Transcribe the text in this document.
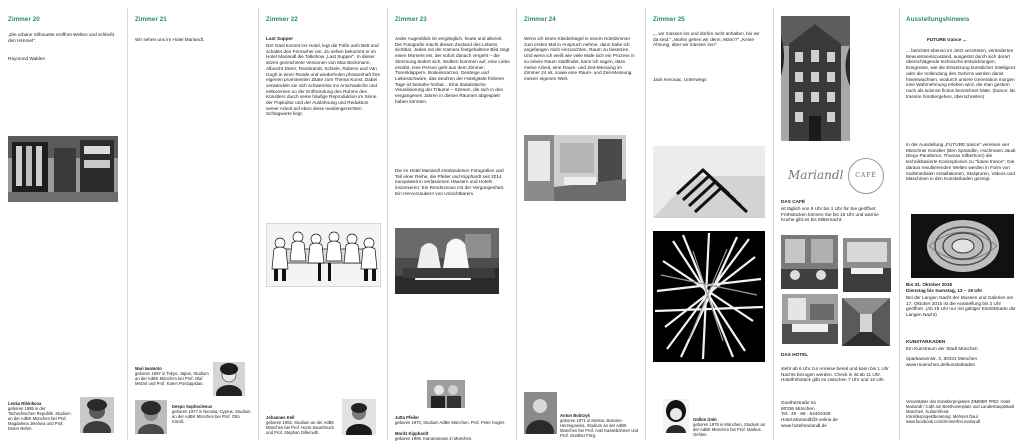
Zimmer 20
„Die urbane Silhouette eröffnet Welten und schließt den Himmel".
Raymond Walden

Lenka Ribinkova
geboren 1985 in der Tschechischen Republik. Studium an der AdBK München bei Prof. Magdalena Jetelova und Prof. Dieter Rehm.

Zimmer 21
Wir sehen uns im Hotel Mariandl.

Mari Iwamoto
geboren 1987 in Tokyo, Japan, Studium an der AdBK München bei Prof. Olaf Metzel und Prof. Karen Pontoppidan.

Despo Sophocleous
geboren 1977 in Nicosia, Cyprus, Studium an der AdBK München bei Prof. Otto Künzli.

Zimmer 22
Last Supper
Der Gast kommt ins Hotel, legt die Füße aufs Bett und schaltet den Fernseher ein. Zu sehen bekommt er im Hotel Mariandl die Talkshow „Last Supper". In dieser sitzen gezeichnete Versionen von Max Beckmann, Albrecht Dürer, Rembrandt, Schiele, Rubens und Van Gogh in einer Runde und wiederholen phrasenhaft ihre eigenen prominenten Zitate zum Thema Kunst. Dabei verwandeln sie sich schwerelos ins Anschauliche und entkommen so der Entfremdung des Ruhms des Künstlers durch seine häufige Reproduktion im Sinne der Popkultur und der Auslöhnung und Reduktion seiner Arbeit auf eben diese mediengerechten Schlagworte liegt.

Johannes Kell
geboren 1982, Studium an der AdBK München bei Prof. Horst Sauerbruch und Prof. Stephan Dillemuth.

Zimmer 23
Jeder Augenblick ist vergänglich, heute und allezeit. Die Fotografie macht diesen Zustand des Lebens sichtbar. Jedes mit der Kamera festgehaltene Bild zeigt einen Moment ein, der sofort danach vergeht – die Stimmung ändert sich, Wolken kommen auf, eine Liebe erstirbt, eine Person geht aus dem Zimmer, Türenklappern, Bodenknarzen, Gesänge und Liebesschwüre, das Seufzen der Hotelgäste früherer Tage ist beinahe hörbar... Eine dadaistische Visualisierung der Träume – Szenen, die sich in den vergangenen Jahren in diesen Räumen abgespielt haben könnten.
Die im Hotel Mariandl entstandenen Fotografien und Teil einer Reihe, die Pfeiler und Kipphardt seit 2014 europaweit in verlassenen Häusern und Hotels inszenieren: Ein Rendezvous mit der Vergangenheit. Ein Hervorzaubern von Unsichtbarem.

Jutta Pfeiler
geboren 1970, Studium AdBK München, Prof. Peter Kogler.

Moritz Kipphardt
geboren 1969, Kameramann in München.

Zimmer 24
Wenn ich einen Kleiderbügel in einem Hotelzimmer zum ersten Mal in Anspruch nehme, dann habe ich angefangen mich einzurichten, Raum zu besetzen. Und wenn ich weiß wie viele Male sich ein Prozess in so einem Raum stattfindet, kann ich sagen, dass meine Arbeit, eine Raum- und Zeit-Messung im Zimmer 24 ist, sowie eine Raum- und Zeit-Messung meiner eigenen Welt.

Anton Bobrzyk
geboren 1971 in Mostar, Bosnien-Herzegowina, Studium an der AdBK München bei Prof. Axel Kasseböhmer und Prof. Günther Förg.

Zimmer 25
„...wir müssen los und dürfen nicht anhalten, bis wir da sind." „Wohin gehen wir denn, Mann?" „Keine Ahnung, aber wir müssen los!"
Jack Kerouac, Unterwegs

Gülbin Ünlü
geboren 1978 in München, Studium an der AdBK München bei Prof. Markus Oehlen.

Mariandl	CAFÉ
DAS CAFÉ
ist täglich von 9 Uhr bis 1 Uhr für Sie geöffnet. Frühstücken können Sie bis 16 Uhr und warme Küche gibt es bis Mitternacht.
DAS HOTEL
steht ab 6 Uhr zur Anreise bereit und kann bis 1 Uhr Nachts bezogen werden. Check in ist ab 11 Uhr. Hotelfrühstück gibt es zwischen 7 Uhr und 10 Uhr.
Goethestraße 51
80336 München
Tel.: 49 · 89 · 54404348
Hotel.Mariandl@t-online.de
www.hotelmariandl.de
Ausstellungshinweis
FUTURE trance ...
... berichtet ebenso im Jetzt verorteten, veränderten Bewusstseinszustand, ausgelöst durch sich derart überschlagende technische Entwicklungen, Ereignisse, wie die Einsetzung künstlicher Intelligenz oder die Vollendung des Gehirns werden damit hineinwachsen, wodurch unsere Generation morgen eine Wahrnehmung erleben wird, die man gestern noch als science fiction bezeichnet hätte. (trance: lat. transire hinübergehen, überschreiten)
In der Ausstellung „FUTURE trance" vereinen vier Münchner Künstler (Ben Sprandlin, Hochmann Jaudi, Diego Paraltonor, Thomas Silberhorn) die technikbasierte Konzeptionen zu "future trance". Die daraus resultierenden Welten werden in Form von multimedialen Installationen, Skulpturen, Videos und Maschinen in den Kunstarkaden gezeigt.
Bis 31. Oktober 2015
Dienstag bis Samstag, 13 – 19 Uhr
Bei der Langen Nacht der Museen und Galerien am 17. Oktober 2015 ist die Ausstellung bis 2 Uhr geöffnet. (Ab 19 Uhr nur mit gültiger Eintrittskarte der Langen Nacht)
KUNSTARKADEN
Ein Kunstraum der Stadt München
Sparkassenstr. 3, 80331 München
www.muenchen.de/kunstarkaden
Veranstalter des Künstlerprojektes ZIMMER FREI: Hotel Mariandl / Café am Beethovenplatz und Landeshauptstadt München, Kulturreferat
Künstlerprojektberatung: Mehmet Daul
www.facebook.com/zimmerfrei.mariandl
